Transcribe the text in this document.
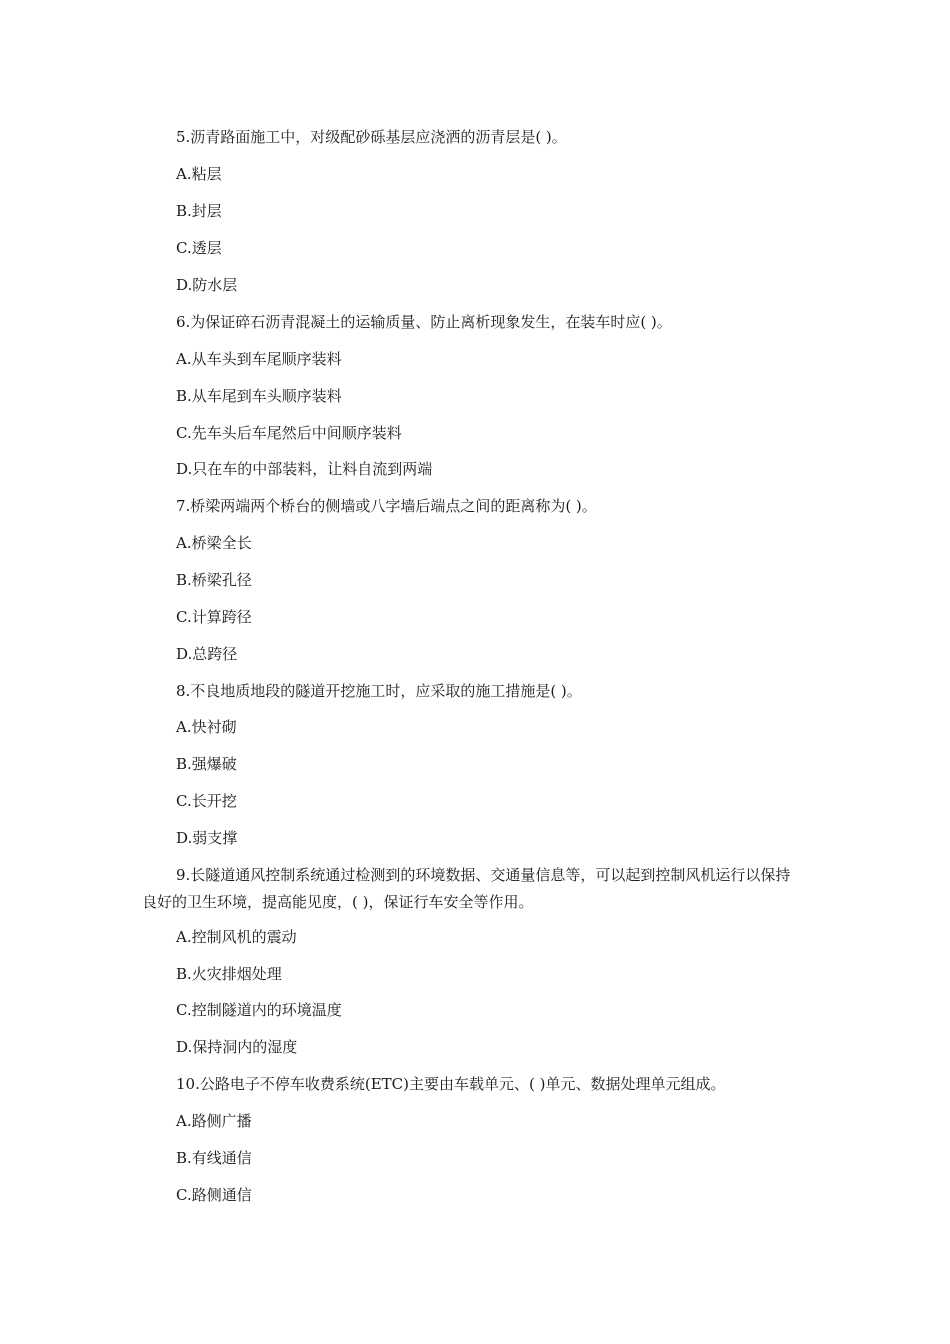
5.沥青路面施工中，对级配砂砾基层应浇洒的沥青层是( )。
A.粘层
B.封层
C.透层
D.防水层
6.为保证碎石沥青混凝土的运输质量、防止离析现象发生，在装车时应( )。
A.从车头到车尾顺序装料
B.从车尾到车头顺序装料
C.先车头后车尾然后中间顺序装料
D.只在车的中部装料，让料自流到两端
7.桥梁两端两个桥台的侧墙或八字墙后端点之间的距离称为( )。
A.桥梁全长
B.桥梁孔径
C.计算跨径
D.总跨径
8.不良地质地段的隧道开挖施工时，应采取的施工措施是( )。
A.快衬砌
B.强爆破
C.长开挖
D.弱支撑
9.长隧道通风控制系统通过检测到的环境数据、交通量信息等，可以起到控制风机运行以保持良好的卫生环境，提高能见度，( )，保证行车安全等作用。
A.控制风机的震动
B.火灾排烟处理
C.控制隧道内的环境温度
D.保持洞内的湿度
10.公路电子不停车收费系统(ETC)主要由车载单元、( )单元、数据处理单元组成。
A.路侧广播
B.有线通信
C.路侧通信
